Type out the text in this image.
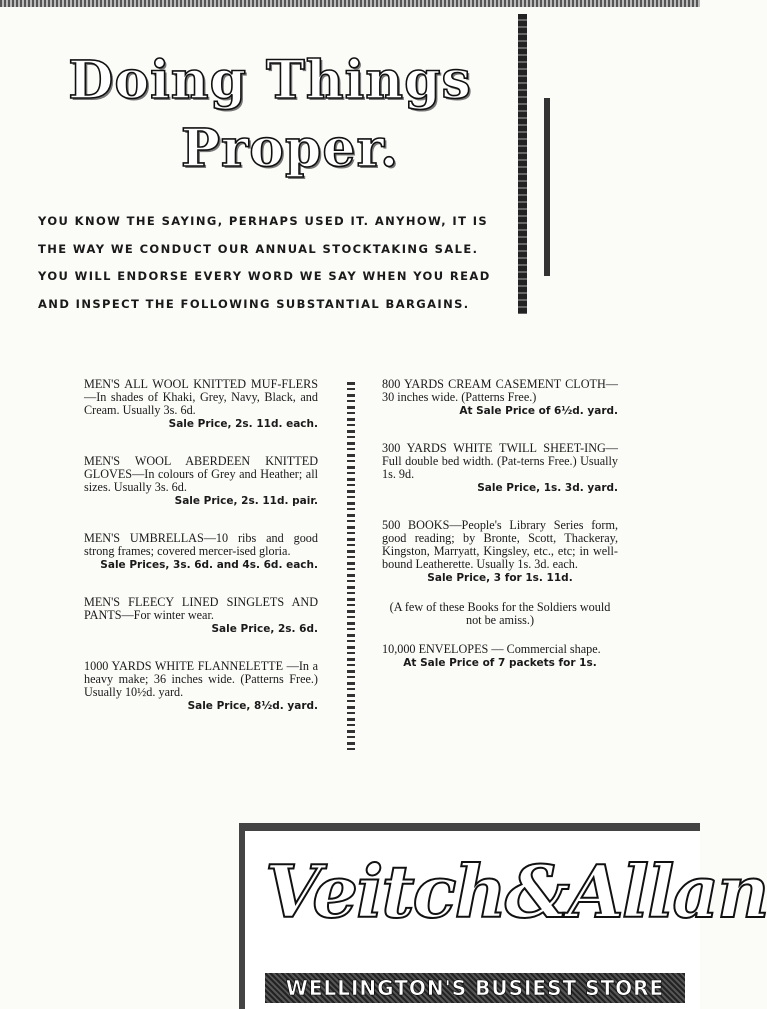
Doing Things
Proper.

YOU KNOW THE SAYING, PERHAPS USED IT. ANYHOW, IT IS THE WAY WE CONDUCT OUR ANNUAL STOCKTAKING SALE. YOU WILL ENDORSE EVERY WORD WE SAY WHEN YOU READ AND INSPECT THE FOLLOWING SUBSTANTIAL BARGAINS.

MEN'S ALL WOOL KNITTED MUF-FLERS—In shades of Khaki, Grey, Navy, Black, and Cream. Usually 3s. 6d.
Sale Price, 2s. 11d. each.
MEN'S WOOL ABERDEEN KNITTED GLOVES—In colours of Grey and Heather; all sizes. Usually 3s. 6d.
Sale Price, 2s. 11d. pair.
MEN'S UMBRELLAS—10 ribs and good strong frames; covered mercer-ised gloria.
Sale Prices, 3s. 6d. and 4s. 6d. each.
MEN'S FLEECY LINED SINGLETS AND PANTS—For winter wear.
Sale Price, 2s. 6d.
1000 YARDS WHITE FLANNELETTE —In a heavy make; 36 inches wide. (Patterns Free.) Usually 10½d. yard.
Sale Price, 8½d. yard.
800 YARDS CREAM CASEMENT CLOTH—30 inches wide. (Patterns Free.)
At Sale Price of 6½d. yard.
300 YARDS WHITE TWILL SHEET-ING—Full double bed width. (Pat-terns Free.) Usually 1s. 9d.
Sale Price, 1s. 3d. yard.
500 BOOKS—People's Library Series form, good reading; by Bronte, Scott, Thackeray, Kingston, Marryatt, Kingsley, etc., etc; in well-bound Leatherette. Usually 1s. 3d. each.
Sale Price, 3 for 1s. 11d.
(A few of these Books for the Soldiers would not be amiss.)
10,000 ENVELOPES — Commercial shape.
At Sale Price of 7 packets for 1s.
Veitch&Allan
WELLINGTON'S BUSIEST STORE
